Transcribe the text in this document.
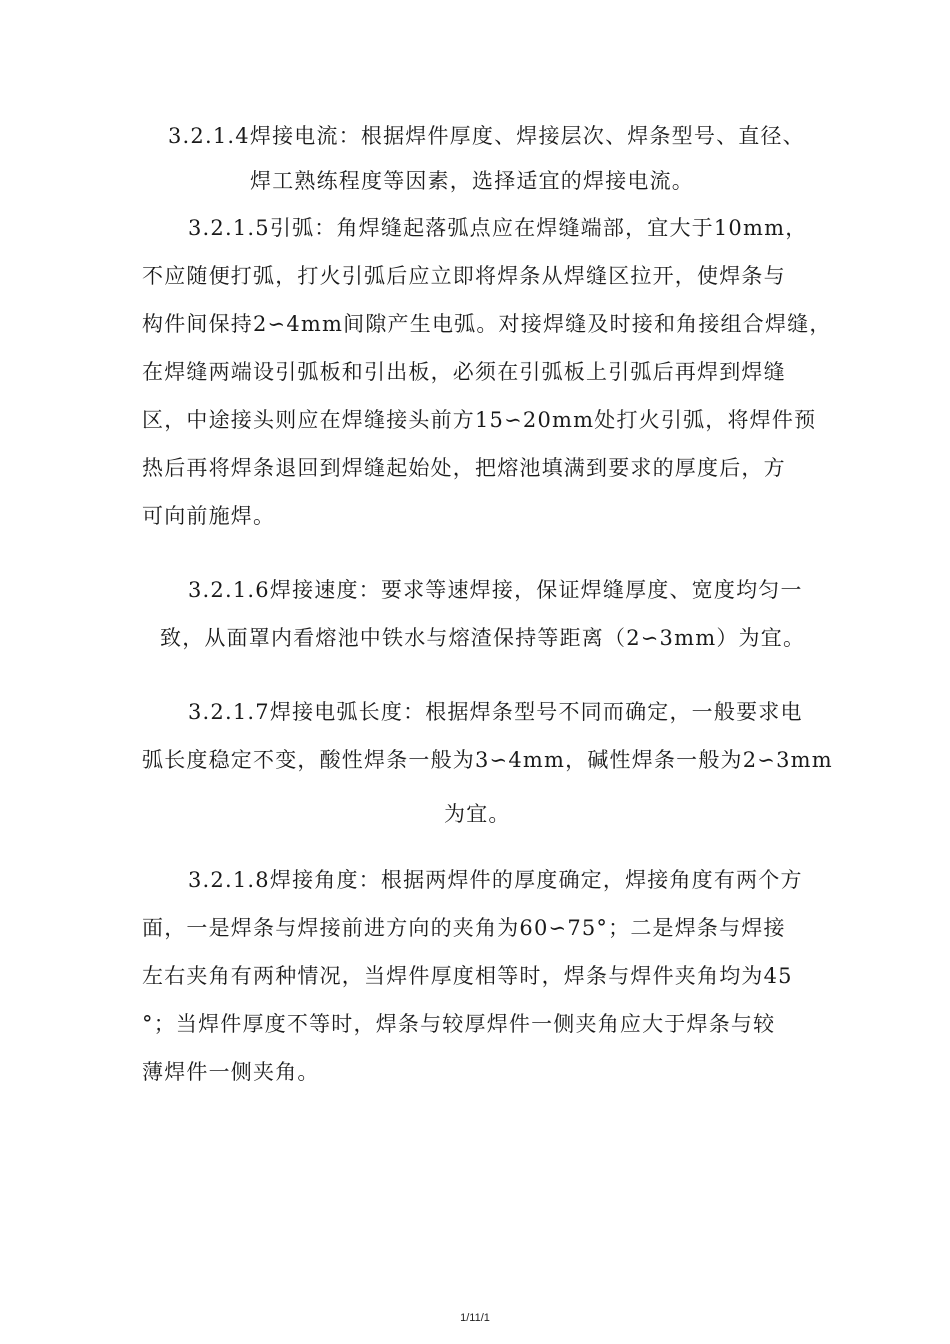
3.2.1.4焊接电流：根据焊件厚度、焊接层次、焊条型号、直径、
焊工熟练程度等因素，选择适宜的焊接电流。
3.2.1.5引弧：角焊缝起落弧点应在焊缝端部，宜大于10mm，
不应随便打弧，打火引弧后应立即将焊条从焊缝区拉开，使焊条与
构件间保持2∽4mm间隙产生电弧。对接焊缝及时接和角接组合焊缝，
在焊缝两端设引弧板和引出板，必须在引弧板上引弧后再焊到焊缝
区，中途接头则应在焊缝接头前方15∽20mm处打火引弧，将焊件预
热后再将焊条退回到焊缝起始处，把熔池填满到要求的厚度后，方
可向前施焊。
3.2.1.6焊接速度：要求等速焊接，保证焊缝厚度、宽度均匀一
致，从面罩内看熔池中铁水与熔渣保持等距离（2∽3mm）为宜。
3.2.1.7焊接电弧长度：根据焊条型号不同而确定，一般要求电
弧长度稳定不变，酸性焊条一般为3∽4mm，碱性焊条一般为2∽3mm
为宜。
3.2.1.8焊接角度：根据两焊件的厚度确定，焊接角度有两个方
面，一是焊条与焊接前进方向的夹角为60∽75°；二是焊条与焊接
左右夹角有两种情况，当焊件厚度相等时，焊条与焊件夹角均为45
°；当焊件厚度不等时，焊条与较厚焊件一侧夹角应大于焊条与较
薄焊件一侧夹角。
1/11/1
